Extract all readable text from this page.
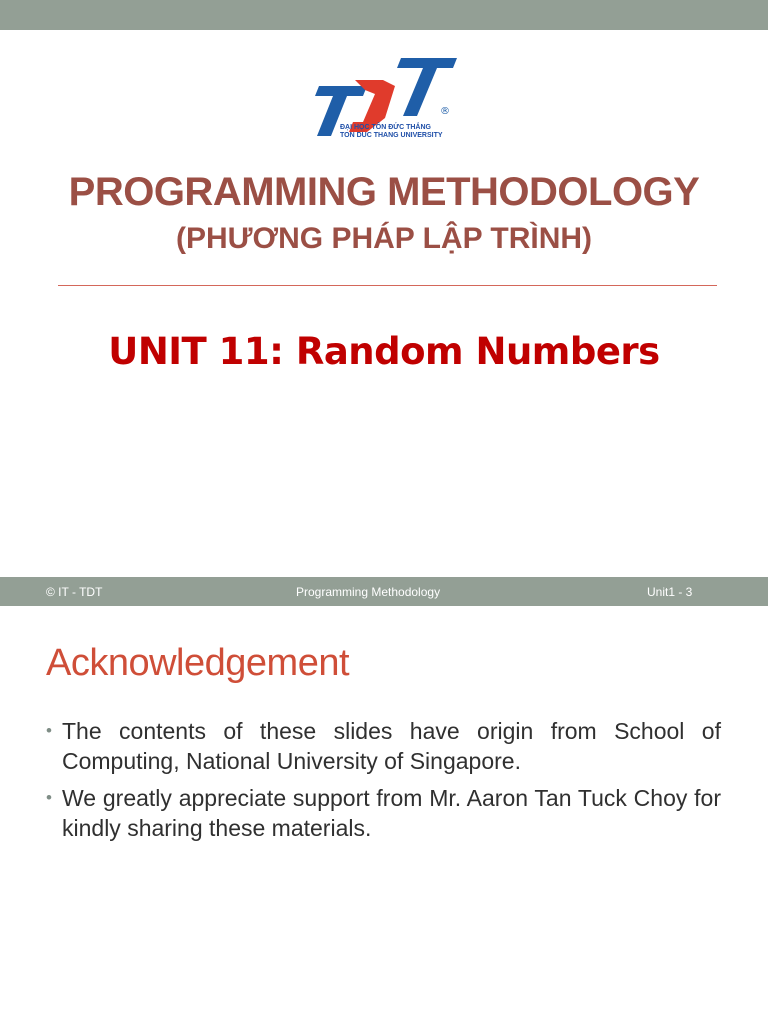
®
ĐẠI HỌC TÔN ĐỨC THẮNG
TON DUC THANG UNIVERSITY
PROGRAMMING METHODOLOGY
(PHƯƠNG PHÁP LẬP TRÌNH)
UNIT 11: Random Numbers
© IT - TDT	Programming Methodology	Unit1 - 3
Acknowledgement
• The contents of these slides have origin from School of Computing, National University of Singapore.
• We greatly appreciate support from Mr. Aaron Tan Tuck Choy for kindly sharing these materials.
